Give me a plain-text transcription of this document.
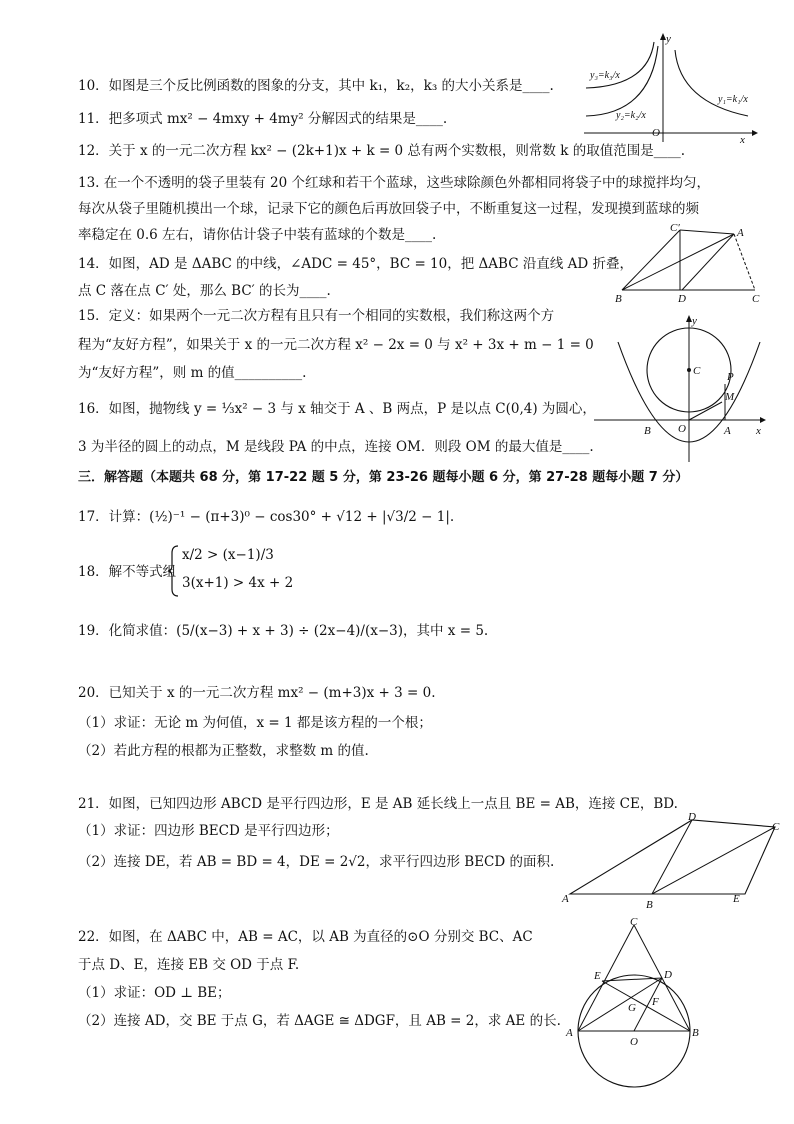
10．如图是三个反比例函数的图象的分支，其中 k₁，k₂，k₃ 的大小关系是____.
11．把多项式 mx² − 4mxy + 4my² 分解因式的结果是____.
12．关于 x 的一元二次方程 kx² − (2k+1)x + k = 0 总有两个实数根，则常数 k 的取值范围是____.
13. 在一个不透明的袋子里装有 20 个红球和若干个蓝球，这些球除颜色外都相同将袋子中的球搅拌均匀，
每次从袋子里随机摸出一个球，记录下它的颜色后再放回袋子中，不断重复这一过程，发现摸到蓝球的频
率稳定在 0.6 左右，请你估计袋子中装有蓝球的个数是____.
14．如图，AD 是 ΔABC 的中线，∠ADC = 45°，BC = 10，把 ΔABC 沿直线 AD 折叠，
点 C 落在点 C′ 处，那么 BC′ 的长为____.
15．定义：如果两个一元二次方程有且只有一个相同的实数根，我们称这两个方
程为“友好方程”，如果关于 x 的一元二次方程 x² − 2x = 0 与 x² + 3x + m − 1 = 0
为“友好方程”，则 m 的值__________.
16．如图，抛物线 y = ⅓x² − 3 与 x 轴交于 A 、B 两点，P 是以点 C(0,4) 为圆心，
3 为半径的圆上的动点，M 是线段 PA 的中点，连接 OM．则段 OM 的最大值是____.
三．解答题（本题共 68 分，第 17-22 题 5 分，第 23-26 题每小题 6 分，第 27-28 题每小题 7 分）
17．计算：(½)⁻¹ − (π+3)⁰ − cos30° + √12 + |√3/2 − 1|.
18．解不等式组
x/2 > (x−1)/3
3(x+1) > 4x + 2
19．化简求值：(5/(x−3) + x + 3) ÷ (2x−4)/(x−3)，其中 x = 5.
20．已知关于 x 的一元二次方程 mx² − (m+3)x + 3 = 0.
（1）求证：无论 m 为何值，x = 1 都是该方程的一个根；
（2）若此方程的根都为正整数，求整数 m 的值.
21．如图，已知四边形 ABCD 是平行四边形，E 是 AB 延长线上一点且 BE = AB，连接 CE，BD.
（1）求证：四边形 BECD 是平行四边形；
（2）连接 DE，若 AB = BD = 4，DE = 2√2，求平行四边形 BECD 的面积.
22．如图，在 ΔABC 中，AB = AC，以 AB 为直径的⊙O 分别交 BC、AC
于点 D、E，连接 EB 交 OD 于点 F.
（1）求证：OD ⊥ BE；
（2）连接 AD，交 BE 于点 G，若 ΔAGE ≅ ΔDGF，且 AB = 2，求 AE 的长.
y
x
O
y₁=k₁/x
y₃=k₃/x
y₂=k₂/x
C′	A
B	D	C
C P
M
A
B O
y
x
A	B	E
D
C
C
E	D
F
G
A	B
O
